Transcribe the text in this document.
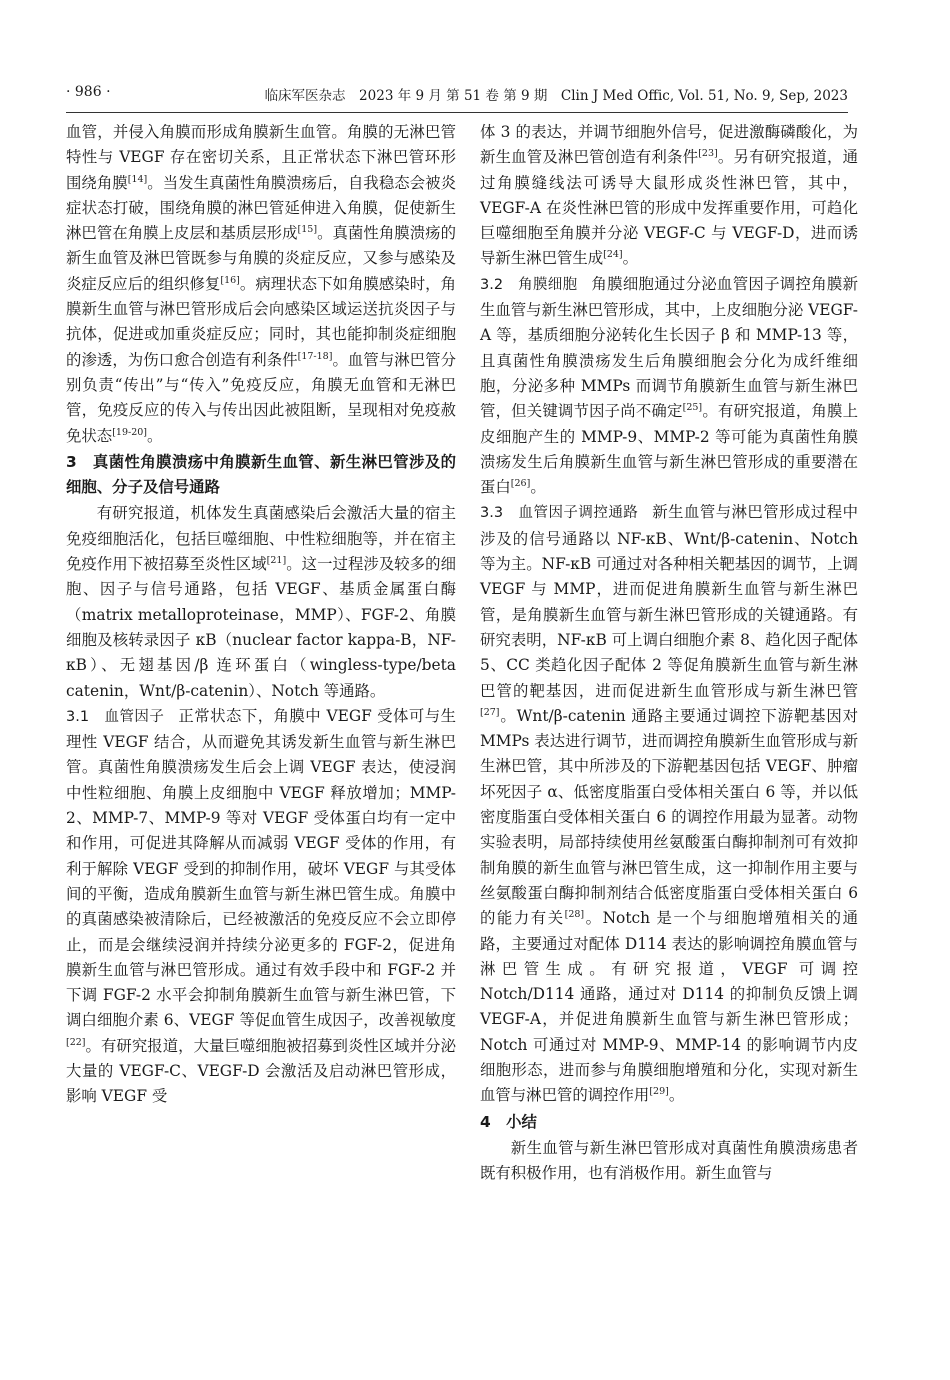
· 986 ·	临床军医杂志　2023 年 9 月 第 51 卷 第 9 期　Clin J Med Offic, Vol. 51, No. 9, Sep, 2023

血管，并侵入角膜而形成角膜新生血管。角膜的无淋巴管特性与 VEGF 存在密切关系，且正常状态下淋巴管环形围绕角膜[14]。当发生真菌性角膜溃疡后，自我稳态会被炎症状态打破，围绕角膜的淋巴管延伸进入角膜，促使新生淋巴管在角膜上皮层和基质层形成[15]。真菌性角膜溃疡的新生血管及淋巴管既参与角膜的炎症反应，又参与感染及炎症反应后的组织修复[16]。病理状态下如角膜感染时，角膜新生血管与淋巴管形成后会向感染区域运送抗炎因子与抗体，促进或加重炎症反应；同时，其也能抑制炎症细胞的渗透，为伤口愈合创造有利条件[17-18]。血管与淋巴管分别负责“传出”与“传入”免疫反应，角膜无血管和无淋巴管，免疫反应的传入与传出因此被阻断，呈现相对免疫赦免状态[19-20]。

3　真菌性角膜溃疡中角膜新生血管、新生淋巴管涉及的细胞、分子及信号通路

有研究报道，机体发生真菌感染后会激活大量的宿主免疫细胞活化，包括巨噬细胞、中性粒细胞等，并在宿主免疫作用下被招募至炎性区域[21]。这一过程涉及较多的细胞、因子与信号通路，包括 VEGF、基质金属蛋白酶（matrix metalloproteinase，MMP）、FGF-2、角膜细胞及核转录因子 κB（nuclear factor kappa-B，NF-κB）、无翅基因/β 连环蛋白（wingless-type/beta catenin，Wnt/β-catenin）、Notch 等通路。

3.1　血管因子 正常状态下，角膜中 VEGF 受体可与生理性 VEGF 结合，从而避免其诱发新生血管与新生淋巴管。真菌性角膜溃疡发生后会上调 VEGF 表达，使浸润中性粒细胞、角膜上皮细胞中 VEGF 释放增加；MMP-2、MMP-7、MMP-9 等对 VEGF 受体蛋白均有一定中和作用，可促进其降解从而减弱 VEGF 受体的作用，有利于解除 VEGF 受到的抑制作用，破坏 VEGF 与其受体间的平衡，造成角膜新生血管与新生淋巴管生成。角膜中的真菌感染被清除后，已经被激活的免疫反应不会立即停止，而是会继续浸润并持续分泌更多的 FGF-2，促进角膜新生血管与淋巴管形成。通过有效手段中和 FGF-2 并下调 FGF-2 水平会抑制角膜新生血管与新生淋巴管，下调白细胞介素 6、VEGF 等促血管生成因子，改善视敏度[22]。有研究报道，大量巨噬细胞被招募到炎性区域并分泌大量的 VEGF-C、VEGF-D 会激活及启动淋巴管形成，影响 VEGF 受

体 3 的表达，并调节细胞外信号，促进激酶磷酸化，为新生血管及淋巴管创造有利条件[23]。另有研究报道，通过角膜缝线法可诱导大鼠形成炎性淋巴管，其中，VEGF-A 在炎性淋巴管的形成中发挥重要作用，可趋化巨噬细胞至角膜并分泌 VEGF-C 与 VEGF-D，进而诱导新生淋巴管生成[24]。

3.2　角膜细胞 角膜细胞通过分泌血管因子调控角膜新生血管与新生淋巴管形成，其中，上皮细胞分泌 VEGF-A 等，基质细胞分泌转化生长因子 β 和 MMP-13 等，且真菌性角膜溃疡发生后角膜细胞会分化为成纤维细胞，分泌多种 MMPs 而调节角膜新生血管与新生淋巴管，但关键调节因子尚不确定[25]。有研究报道，角膜上皮细胞产生的 MMP-9、MMP-2 等可能为真菌性角膜溃疡发生后角膜新生血管与新生淋巴管形成的重要潜在蛋白[26]。

3.3　血管因子调控通路 新生血管与淋巴管形成过程中涉及的信号通路以 NF-κB、Wnt/β-catenin、Notch 等为主。NF-κB 可通过对各种相关靶基因的调节，上调 VEGF 与 MMP，进而促进角膜新生血管与新生淋巴管，是角膜新生血管与新生淋巴管形成的关键通路。有研究表明，NF-κB 可上调白细胞介素 8、趋化因子配体 5、CC 类趋化因子配体 2 等促角膜新生血管与新生淋巴管的靶基因，进而促进新生血管形成与新生淋巴管[27]。Wnt/β-catenin 通路主要通过调控下游靶基因对 MMPs 表达进行调节，进而调控角膜新生血管形成与新生淋巴管，其中所涉及的下游靶基因包括 VEGF、肿瘤坏死因子 α、低密度脂蛋白受体相关蛋白 6 等，并以低密度脂蛋白受体相关蛋白 6 的调控作用最为显著。动物实验表明，局部持续使用丝氨酸蛋白酶抑制剂可有效抑制角膜的新生血管与淋巴管生成，这一抑制作用主要与丝氨酸蛋白酶抑制剂结合低密度脂蛋白受体相关蛋白 6 的能力有关[28]。Notch 是一个与细胞增殖相关的通路，主要通过对配体 D114 表达的影响调控角膜血管与淋巴管生成。有研究报道，VEGF 可调控 Notch/D114 通路，通过对 D114 的抑制负反馈上调 VEGF-A，并促进角膜新生血管与新生淋巴管形成；Notch 可通过对 MMP-9、MMP-14 的影响调节内皮细胞形态，进而参与角膜细胞增殖和分化，实现对新生血管与淋巴管的调控作用[29]。

4　小结

新生血管与新生淋巴管形成对真菌性角膜溃疡患者既有积极作用，也有消极作用。新生血管与
